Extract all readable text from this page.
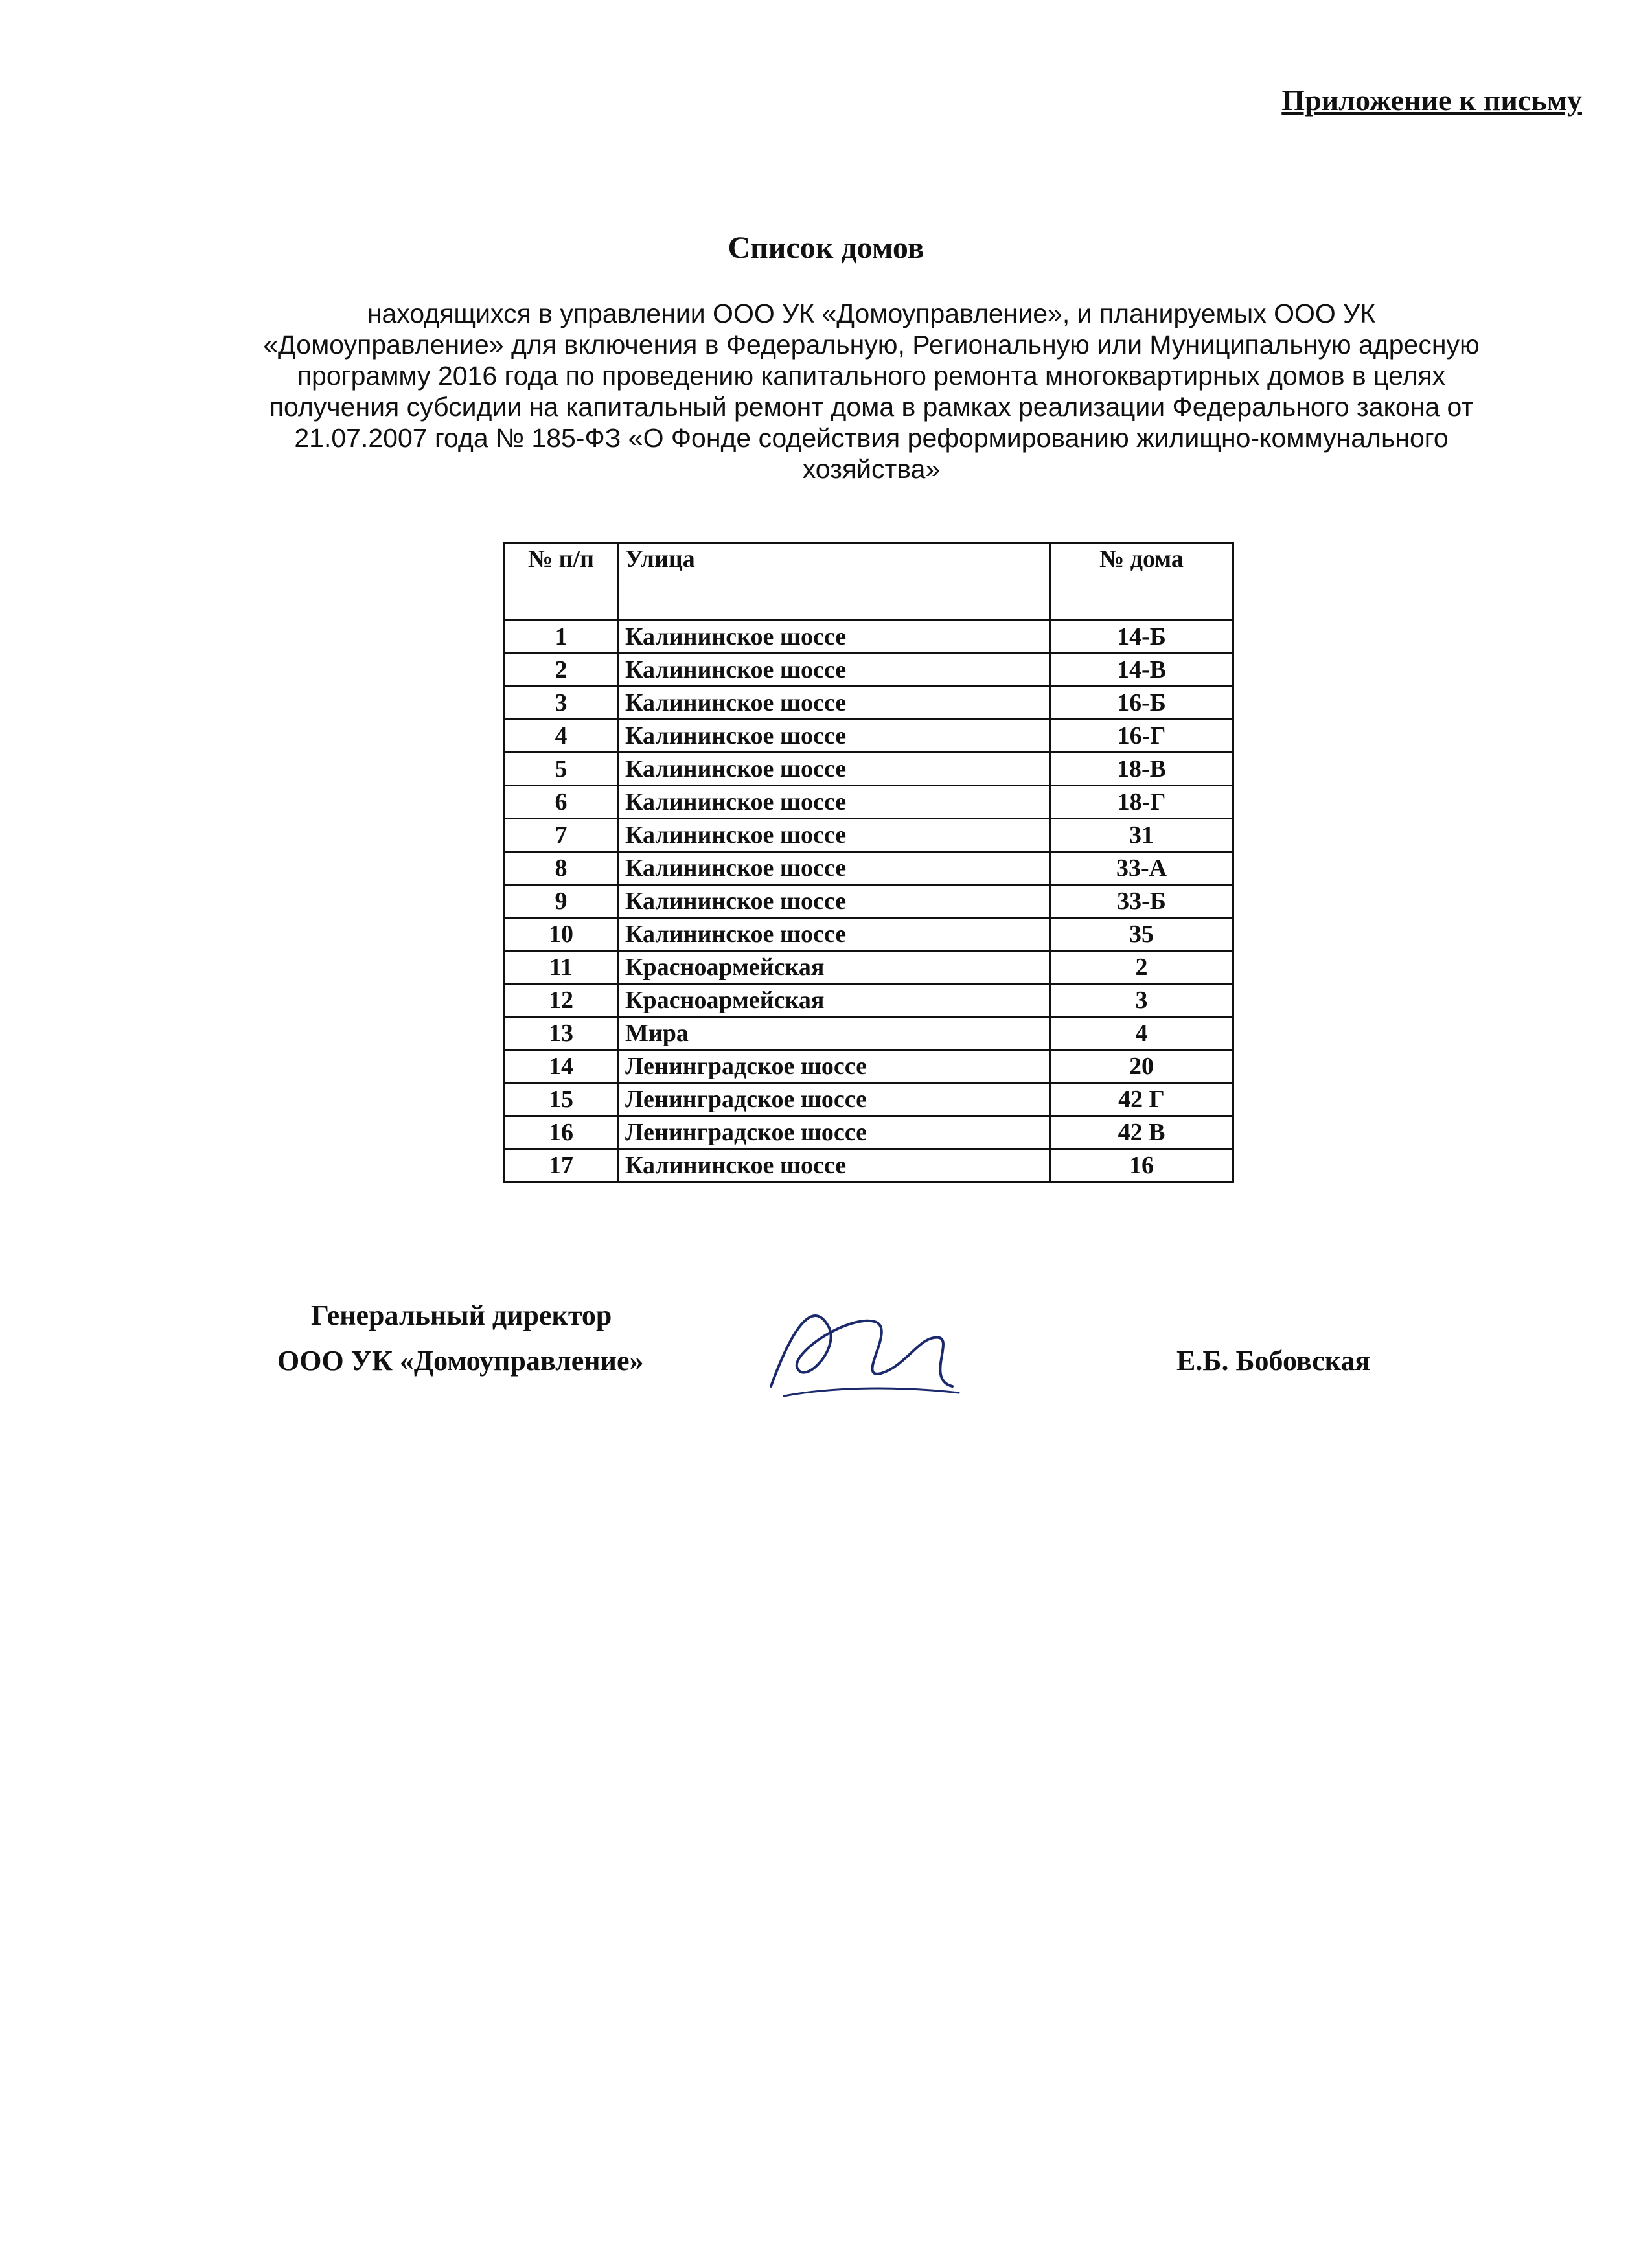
Приложение к письму
Список домов
находящихся в управлении ООО УК «Домоуправление», и планируемых ООО УК
«Домоуправление» для включения в Федеральную, Региональную или Муниципальную адресную
программу 2016 года по проведению капитального ремонта многоквартирных домов в целях
получения субсидии на капитальный ремонт дома в рамках реализации Федерального закона от
21.07.2007 года № 185-ФЗ «О Фонде содействия реформированию жилищно-коммунального
хозяйства»
№ п/п	Улица	№ дома
1	Калининское шоссе	14-Б
2	Калининское шоссе	14-В
3	Калининское шоссе	16-Б
4	Калининское шоссе	16-Г
5	Калининское шоссе	18-В
6	Калининское шоссе	18-Г
7	Калининское шоссе	31
8	Калининское шоссе	33-А
9	Калининское шоссе	33-Б
10	Калининское шоссе	35
11	Красноармейская	2
12	Красноармейская	3
13	Мира	4
14	Ленинградское шоссе	20
15	Ленинградское шоссе	42 Г
16	Ленинградское шоссе	42 В
17	Калининское шоссе	16
Генеральный директор
ООО УК «Домоуправление»	Е.Б. Бобовская
